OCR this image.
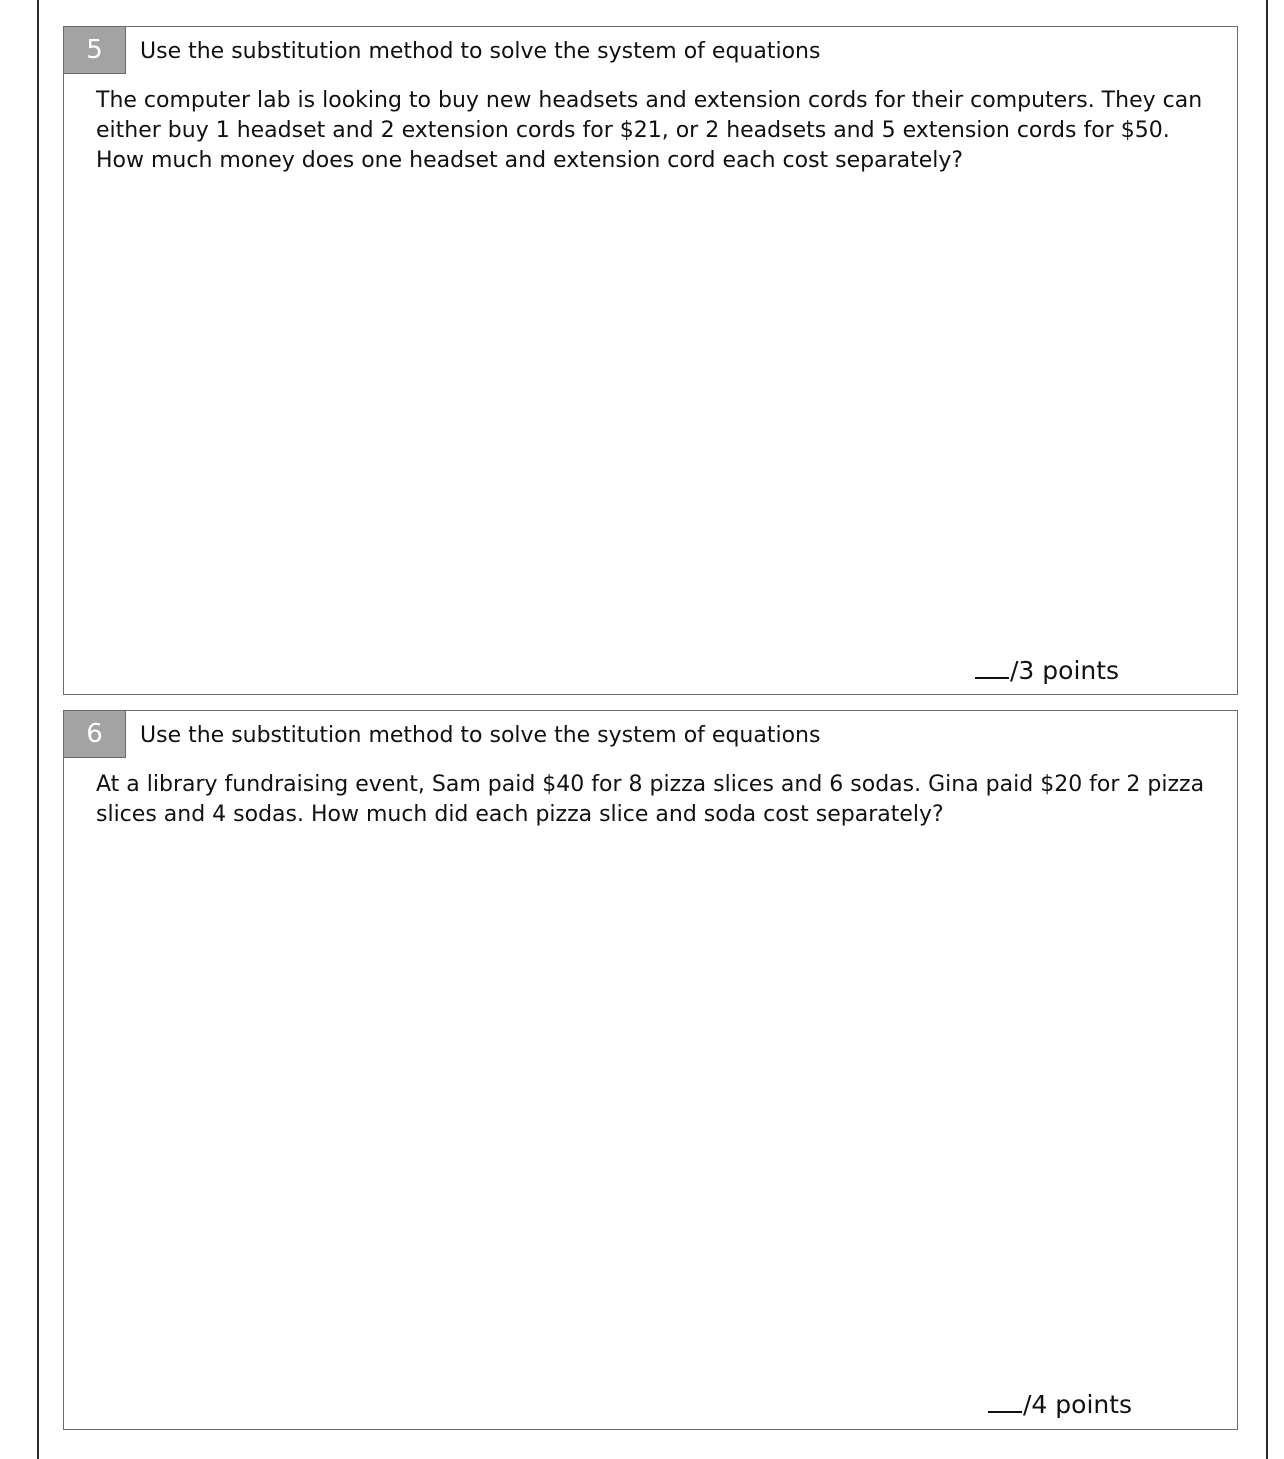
5	Use the substitution method to solve the system of equations
The computer lab is looking to buy new headsets and extension cords for their computers. They can either buy 1 headset and 2 extension cords for $21, or 2 headsets and 5 extension cords for $50. How much money does one headset and extension cord each cost separately?
/3 points
6	Use the substitution method to solve the system of equations
At a library fundraising event, Sam paid $40 for 8 pizza slices and 6 sodas. Gina paid $20 for 2 pizza slices and 4 sodas. How much did each pizza slice and soda cost separately?
/4 points
